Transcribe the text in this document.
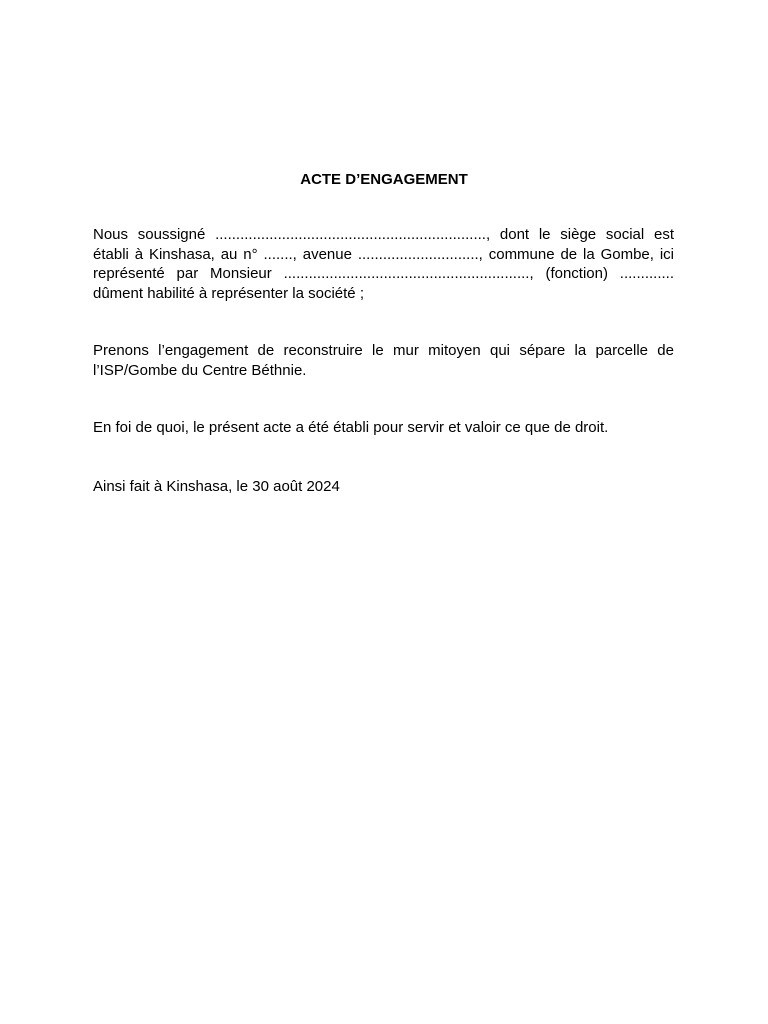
ACTE D’ENGAGEMENT

Nous soussigné ................................................................., dont le siège social est établi à Kinshasa, au n° ......., avenue ............................., commune de la Gombe, ici représenté par Monsieur ..........................................................., (fonction) ............. dûment habilité à représenter la société ;

Prenons l’engagement de reconstruire le mur mitoyen qui sépare la parcelle de l’ISP/Gombe du Centre Béthnie.

En foi de quoi, le présent acte a été établi pour servir et valoir ce que de droit.

Ainsi fait à Kinshasa, le 30 août 2024
